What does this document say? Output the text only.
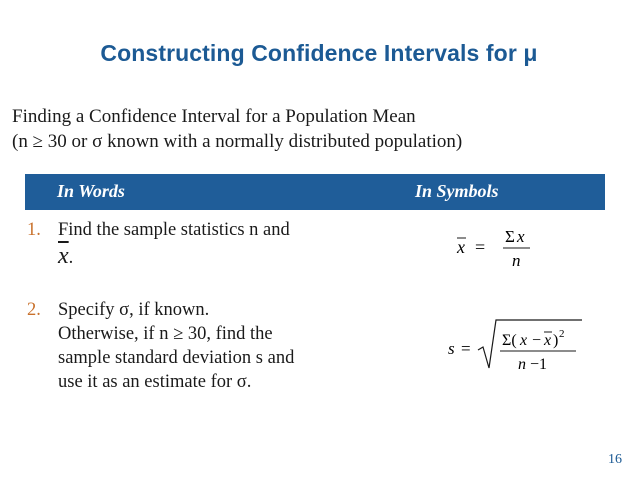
Constructing Confidence Intervals for μ
Finding a Confidence Interval for a Population Mean
(n ≥ 30 or σ known with a normally distributed population)
In Words	In Symbols
1. Find the sample statistics n and
$\overline{x}$.
x =
Σ x
n
2. Specify σ, if known.
Otherwise, if n ≥ 30, find the
sample standard deviation s and
use it as an estimate for σ.
s = Σ( x − x ) 2
n −1
16
